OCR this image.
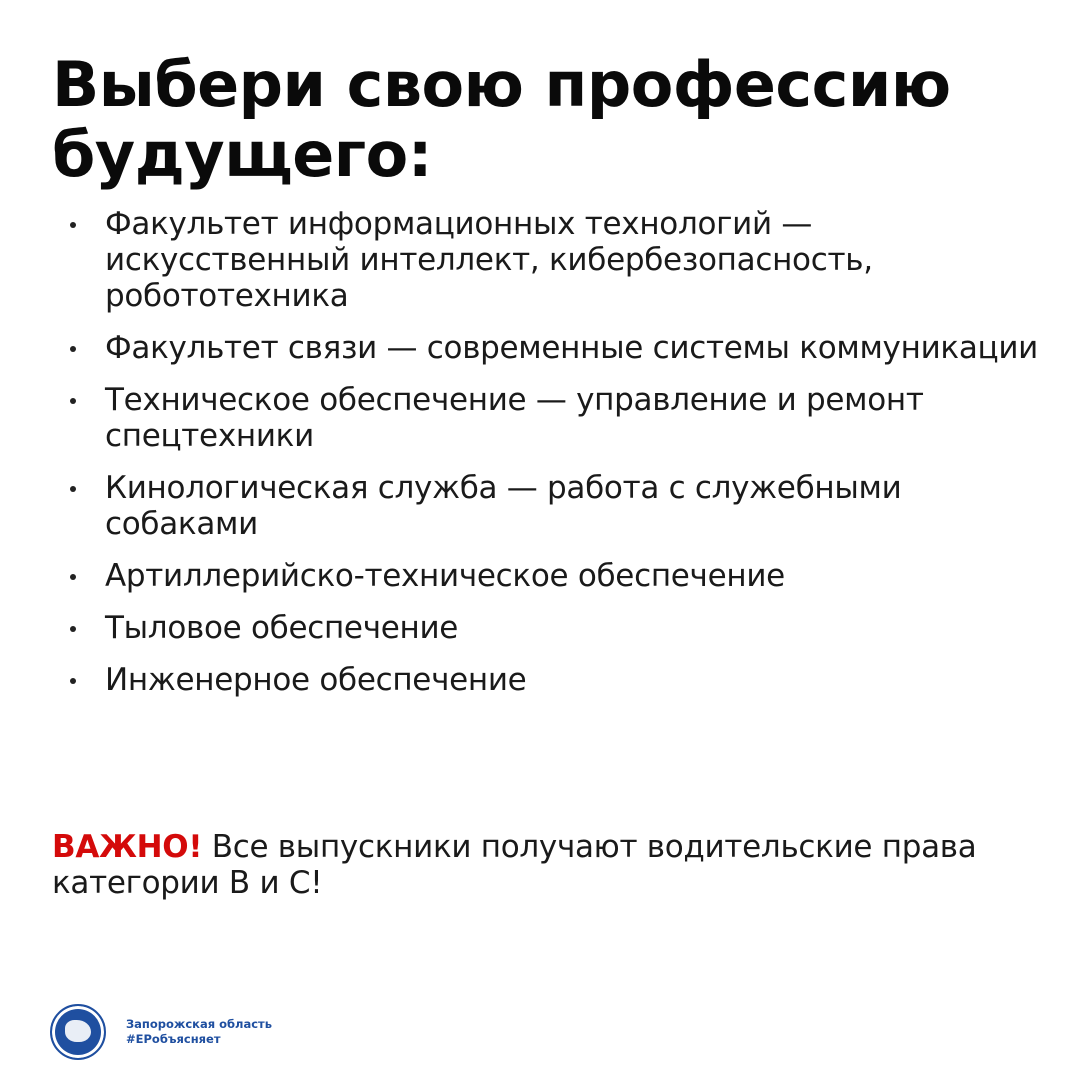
Выбери свою профессию
будущего:
Факультет информационных технологий — искусственный интеллект, кибербезопасность, робототехника
Факультет связи — современные системы коммуникации
Техническое обеспечение — управление и ремонт спецтехники
Кинологическая служба — работа с служебными собаками
Артиллерийско-техническое обеспечение
Тыловое обеспечение
Инженерное обеспечение

ВАЖНО! Все выпускники получают водительские права категории B и C!

Запорожская область
#ЕРобъясняет
